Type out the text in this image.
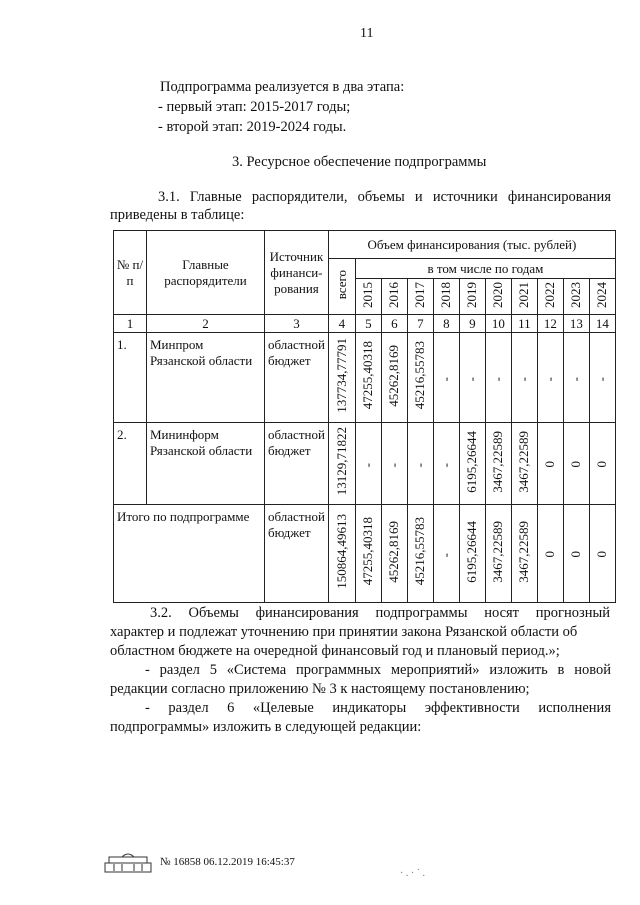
11
Подпрограмма реализуется в два этапа:
- первый этап: 2015-2017 годы;
- второй этап: 2019-2024 годы.
3. Ресурсное обеспечение подпрограммы
3.1. Главные распорядители, объемы и источники финансирования
приведены в таблице:
№ п/п	Главные распорядители	Источник финанси-рования	Объем финансирования (тыс. рублей)										
			всего	в том числе по годам									
				2015	2016	2017	2018	2019	2020	2021	2022	2023	2024
1	2	3	4	5	6	7	8	9	10	11	12	13	14
1.	Минпром Рязанской области	областной бюджет	137734,77791	47255,40318	45262,8169	45216,55783	-	-	-	-	-	-	-
2.	Мининформ Рязанской области	областной бюджет	13129,71822	-	-	-	-	6195,26644	3467,22589	3467,22589	0	0	0
Итого по подпрограмме		областной бюджет	150864,49613	47255,40318	45262,8169	45216,55783	-	6195,26644	3467,22589	3467,22589	0	0	0
3.2. Объемы финансирования подпрограммы носят прогнозный
характер и подлежат уточнению при принятии закона Рязанской области об
областном бюджете на очередной финансовый год и плановый период.»;
- раздел 5 «Система программных мероприятий» изложить в новой
редакции согласно приложению № 3 к настоящему постановлению;
- раздел 6 «Целевые индикаторы эффективности исполнения
подпрограммы» изложить в следующей редакции:
№ 16858 06.12.2019 16:45:37
· . · ˙ .
